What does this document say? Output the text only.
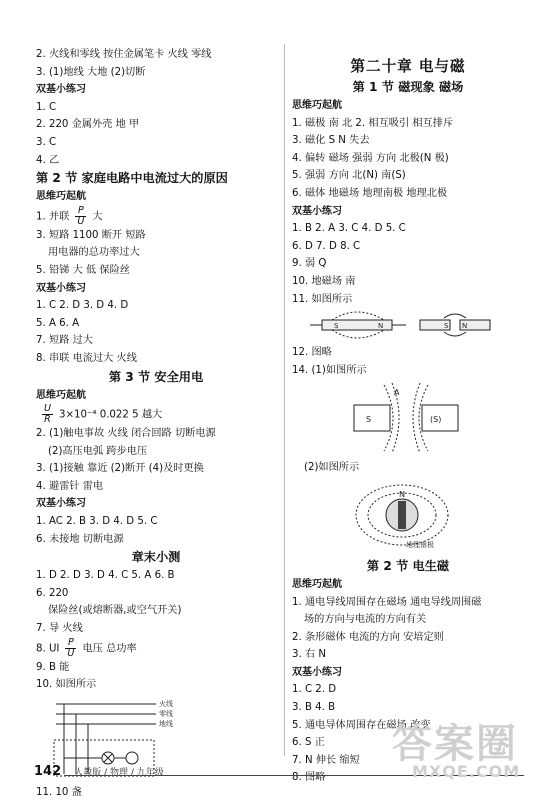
2. 火线和零线 按住金属笔卡 火线 零线
3. (1)地线 大地 (2)切断
双基小练习
1. C
2. 220 金属外壳 地 甲
3. C
4. 乙
第 2 节 家庭电路中电流过大的原因
思维巧起航
1. 并联 $\frac{P}{U}$ 大
3. 短路 1100 断开 短路
用电器的总功率过大
5. 铅锑 大 低 保险丝
双基小练习
1. C 2. D 3. D 4. D
5. A 6. A
7. 短路 过大
8. 串联 电流过大 火线
第 3 节 安全用电
思维巧起航
$\frac{U}{R} 3\times 10^{-4}$ 0.022 5 越大
2. (1)触电事故 火线 闭合回路 切断电源
(2)高压电弧 跨步电压
3. (1)接触 靠近 (2)断开 (4)及时更换
4. 避雷针 雷电
双基小练习
1. AC 2. B 3. D 4. D 5. C
6. 未接地 切断电源
章末小测
1. D 2. D 3. D 4. C 5. A 6. B
6. 220
保险丝(或熔断器,或空气开关)
7. 导 火线
8. UI $\frac{P}{U}$ 电压 总功率
9. B 能
10. 如图所示
火线
零线
地线
11. 10 盏
第二十章 电与磁
第 1 节 磁现象 磁场
思维巧起航
1. 磁极 南 北 2. 相互吸引 相互排斥
3. 磁化 S N 失去
4. 偏转 磁场 强弱 方向 北极(N 极)
5. 强弱 方向 北(N) 南(S)
6. 磁体 地磁场 地理南极 地理北极
双基小练习
1. B 2. A 3. C 4. D 5. C
6. D 7. D 8. C
9. 弱 Q
10. 地磁场 南
11. 如图所示
S	N	S N
12. 图略
14. (1)如图所示
S	(S)
A
(2)如图所示
N
地理南极
第 2 节 电生磁
思维巧起航
1. 通电导线周围存在磁场 通电导线周围磁
场的方向与电流的方向有关
2. 条形磁体 电流的方向 安培定则
3. 右 N
双基小练习
1. C 2. D
3. B 4. B
5. 通电导体周围存在磁场 改变
6. S 正
7. N 伸长 缩短
8. 图略
142 人教版 / 物理 / 九年级
答案圈
MXQE.COM
